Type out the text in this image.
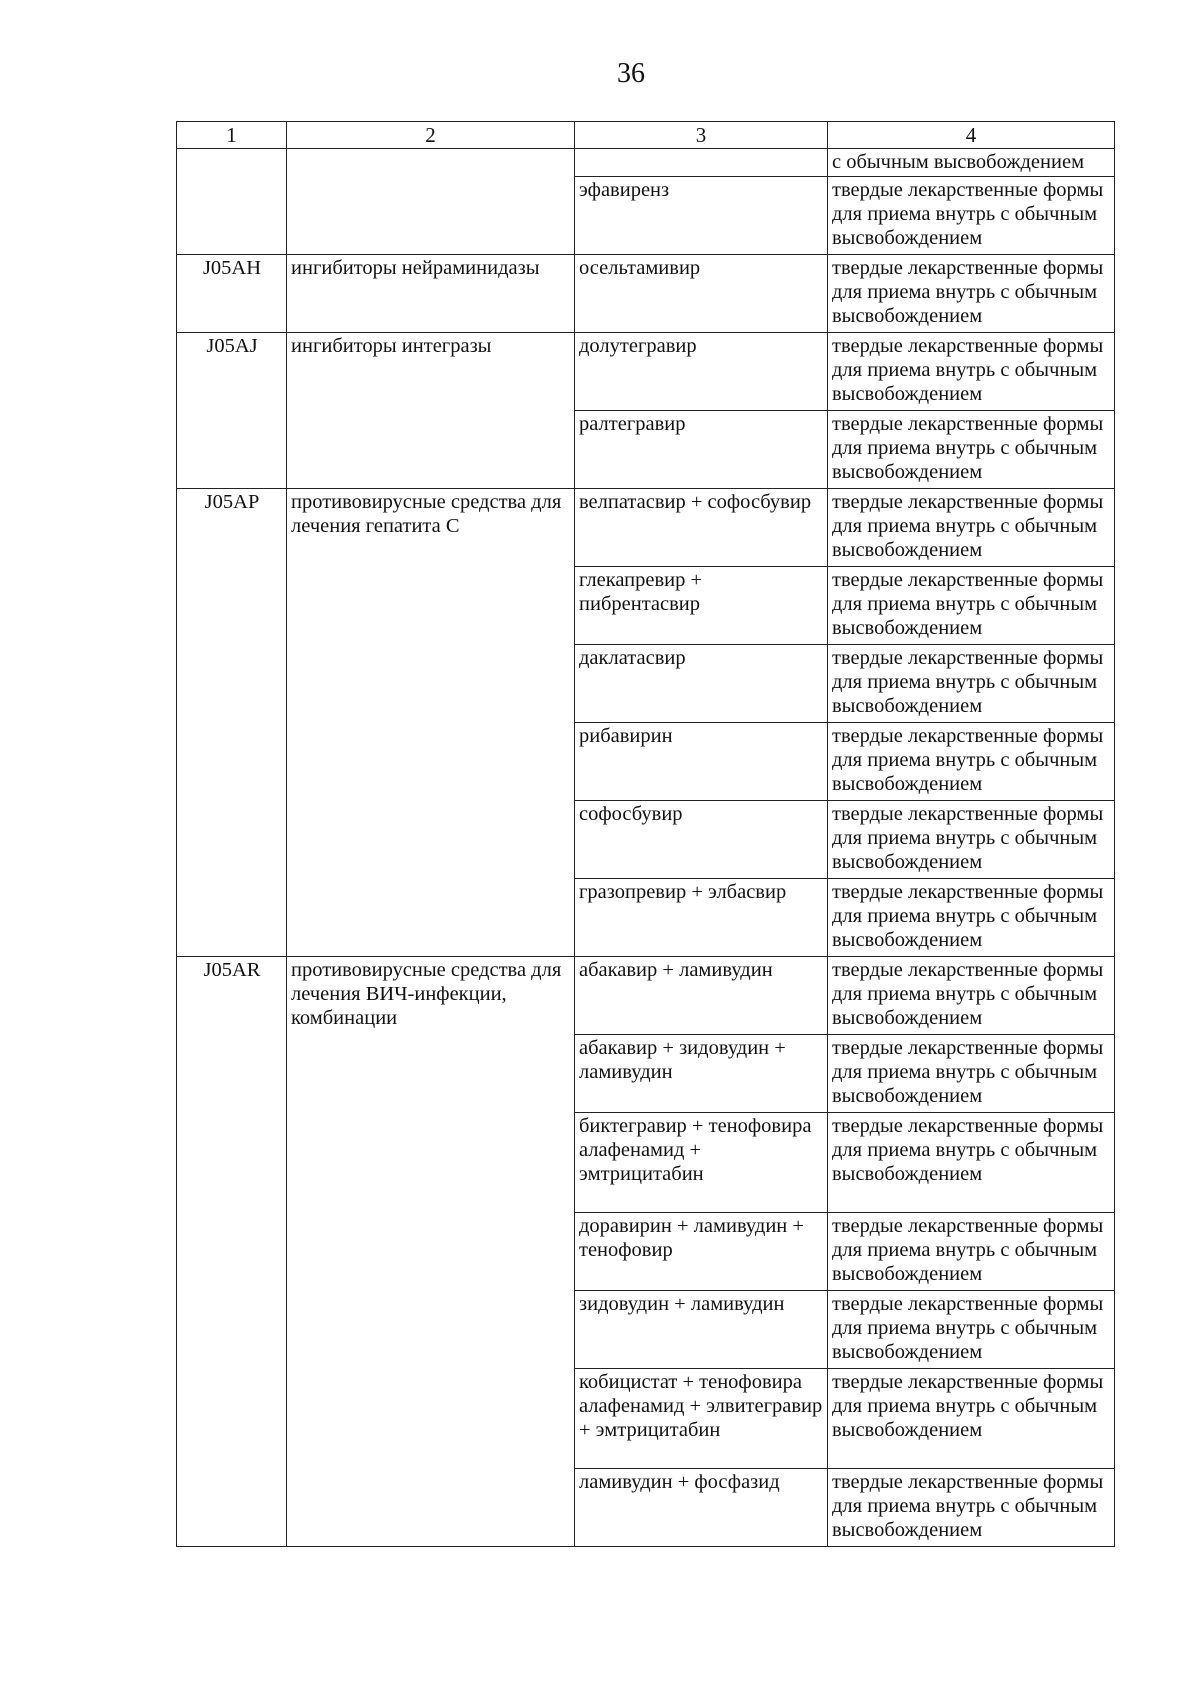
36
1	2	3	4
			с обычным высвобождением
		эфавиренз	твердые лекарственные формы для приема внутрь с обычным высвобождением
J05AH	ингибиторы нейраминидазы	осельтамивир	твердые лекарственные формы для приема внутрь с обычным высвобождением
J05AJ	ингибиторы интегразы	долутегравир	твердые лекарственные формы для приема внутрь с обычным высвобождением
		ралтегравир	твердые лекарственные формы для приема внутрь с обычным высвобождением
J05AP	противовирусные средства для лечения гепатита С	велпатасвир + софосбувир	твердые лекарственные формы для приема внутрь с обычным высвобождением
		глекапревир + пибрентасвир	твердые лекарственные формы для приема внутрь с обычным высвобождением
		даклатасвир	твердые лекарственные формы для приема внутрь с обычным высвобождением
		рибавирин	твердые лекарственные формы для приема внутрь с обычным высвобождением
		софосбувир	твердые лекарственные формы для приема внутрь с обычным высвобождением
		гразопревир + элбасвир	твердые лекарственные формы для приема внутрь с обычным высвобождением
J05AR	противовирусные средства для лечения ВИЧ-инфекции, комбинации	абакавир + ламивудин	твердые лекарственные формы для приема внутрь с обычным высвобождением
		абакавир + зидовудин + ламивудин	твердые лекарственные формы для приема внутрь с обычным высвобождением
		биктегравир + тенофовира алафенамид + эмтрицитабин	твердые лекарственные формы для приема внутрь с обычным высвобождением
		доравирин + ламивудин + тенофовир	твердые лекарственные формы для приема внутрь с обычным высвобождением
		зидовудин + ламивудин	твердые лекарственные формы для приема внутрь с обычным высвобождением
		кобицистат + тенофовира алафенамид + элвитегравир + эмтрицитабин	твердые лекарственные формы для приема внутрь с обычным высвобождением
		ламивудин + фосфазид	твердые лекарственные формы для приема внутрь с обычным высвобождением
